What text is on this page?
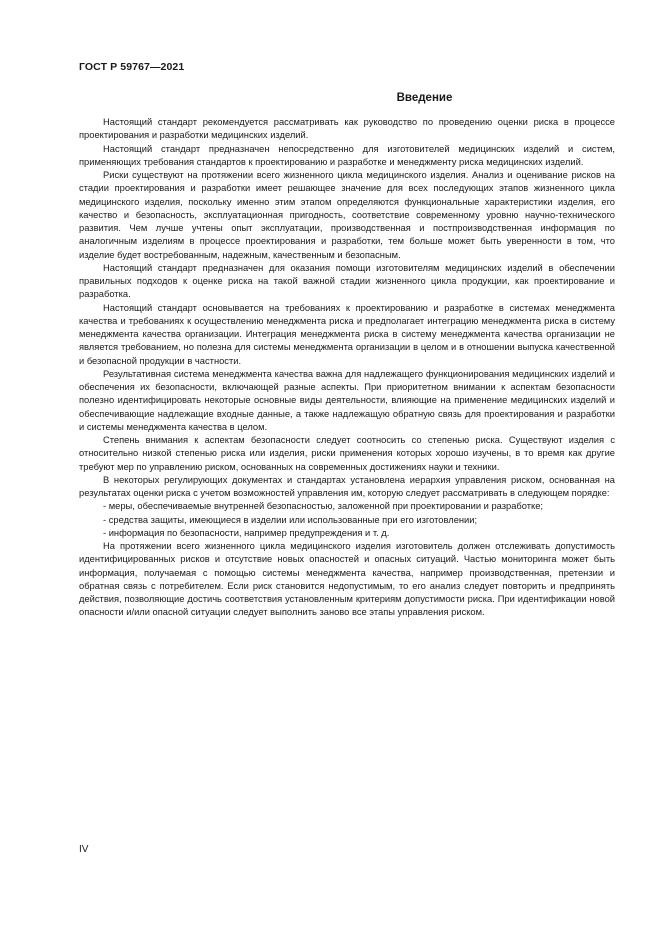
ГОСТ Р 59767—2021
Введение

Настоящий стандарт рекомендуется рассматривать как руководство по проведению оценки риска в процессе проектирования и разработки медицинских изделий.

Настоящий стандарт предназначен непосредственно для изготовителей медицинских изделий и систем, применяющих требования стандартов к проектированию и разработке и менеджменту риска медицинских изделий.

Риски существуют на протяжении всего жизненного цикла медицинского изделия. Анализ и оценивание рисков на стадии проектирования и разработки имеет решающее значение для всех последующих этапов жизненного цикла медицинского изделия, поскольку именно этим этапом определяются функциональные характеристики изделия, его качество и безопасность, эксплуатационная пригодность, соответствие современному уровню научно-технического развития. Чем лучше учтены опыт эксплуатации, производственная и постпроизводственная информация по аналогичным изделиям в процессе проектирования и разработки, тем больше может быть уверенности в том, что изделие будет востребованным, надежным, качественным и безопасным.

Настоящий стандарт предназначен для оказания помощи изготовителям медицинских изделий в обеспечении правильных подходов к оценке риска на такой важной стадии жизненного цикла продукции, как проектирование и разработка.

Настоящий стандарт основывается на требованиях к проектированию и разработке в системах менеджмента качества и требованиях к осуществлению менеджмента риска и предполагает интеграцию менеджмента риска в систему менеджмента качества организации. Интеграция менеджмента риска в систему менеджмента качества организации не является требованием, но полезна для системы менеджмента организации в целом и в отношении выпуска качественной и безопасной продукции в частности.

Результативная система менеджмента качества важна для надлежащего функционирования медицинских изделий и обеспечения их безопасности, включающей разные аспекты. При приоритетном внимании к аспектам безопасности полезно идентифицировать некоторые основные виды деятельности, влияющие на применение медицинских изделий и обеспечивающие надлежащие входные данные, а также надлежащую обратную связь для проектирования и разработки и системы менеджмента качества в целом.

Степень внимания к аспектам безопасности следует соотносить со степенью риска. Существуют изделия с относительно низкой степенью риска или изделия, риски применения которых хорошо изучены, в то время как другие требуют мер по управлению риском, основанных на современных достижениях науки и техники.

В некоторых регулирующих документах и стандартах установлена иерархия управления риском, основанная на результатах оценки риска с учетом возможностей управления им, которую следует рассматривать в следующем порядке:

- меры, обеспечиваемые внутренней безопасностью, заложенной при проектировании и разработке;

- средства защиты, имеющиеся в изделии или использованные при его изготовлении;

- информация по безопасности, например предупреждения и т. д.

На протяжении всего жизненного цикла медицинского изделия изготовитель должен отслеживать допустимость идентифицированных рисков и отсутствие новых опасностей и опасных ситуаций. Частью мониторинга может быть информация, получаемая с помощью системы менеджмента качества, например производственная, претензии и обратная связь с потребителем. Если риск становится недопустимым, то его анализ следует повторить и предпринять действия, позволяющие достичь соответствия установленным критериям допустимости риска. При идентификации новой опасности и/или опасной ситуации следует выполнить заново все этапы управления риском.

IV
